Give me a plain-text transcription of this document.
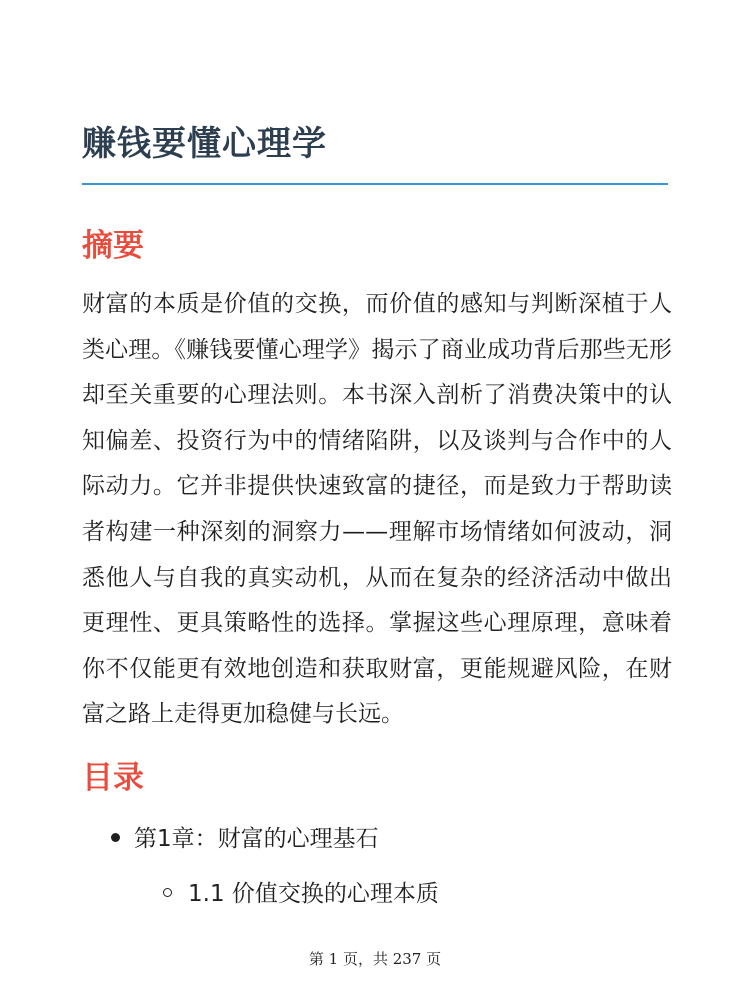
赚钱要懂心理学
摘要

财富的本质是价值的交换，而价值的感知与判断深植于人类心理。《赚钱要懂心理学》揭示了商业成功背后那些无形却至关重要的心理法则。本书深入剖析了消费决策中的认知偏差、投资行为中的情绪陷阱，以及谈判与合作中的人际动力。它并非提供快速致富的捷径，而是致力于帮助读者构建一种深刻的洞察力——理解市场情绪如何波动，洞悉他人与自我的真实动机，从而在复杂的经济活动中做出更理性、更具策略性的选择。掌握这些心理原理，意味着你不仅能更有效地创造和获取财富，更能规避风险，在财富之路上走得更加稳健与长远。

目录
第1章：财富的心理基石
1.1 价值交换的心理本质
第 1 页，共 237 页
